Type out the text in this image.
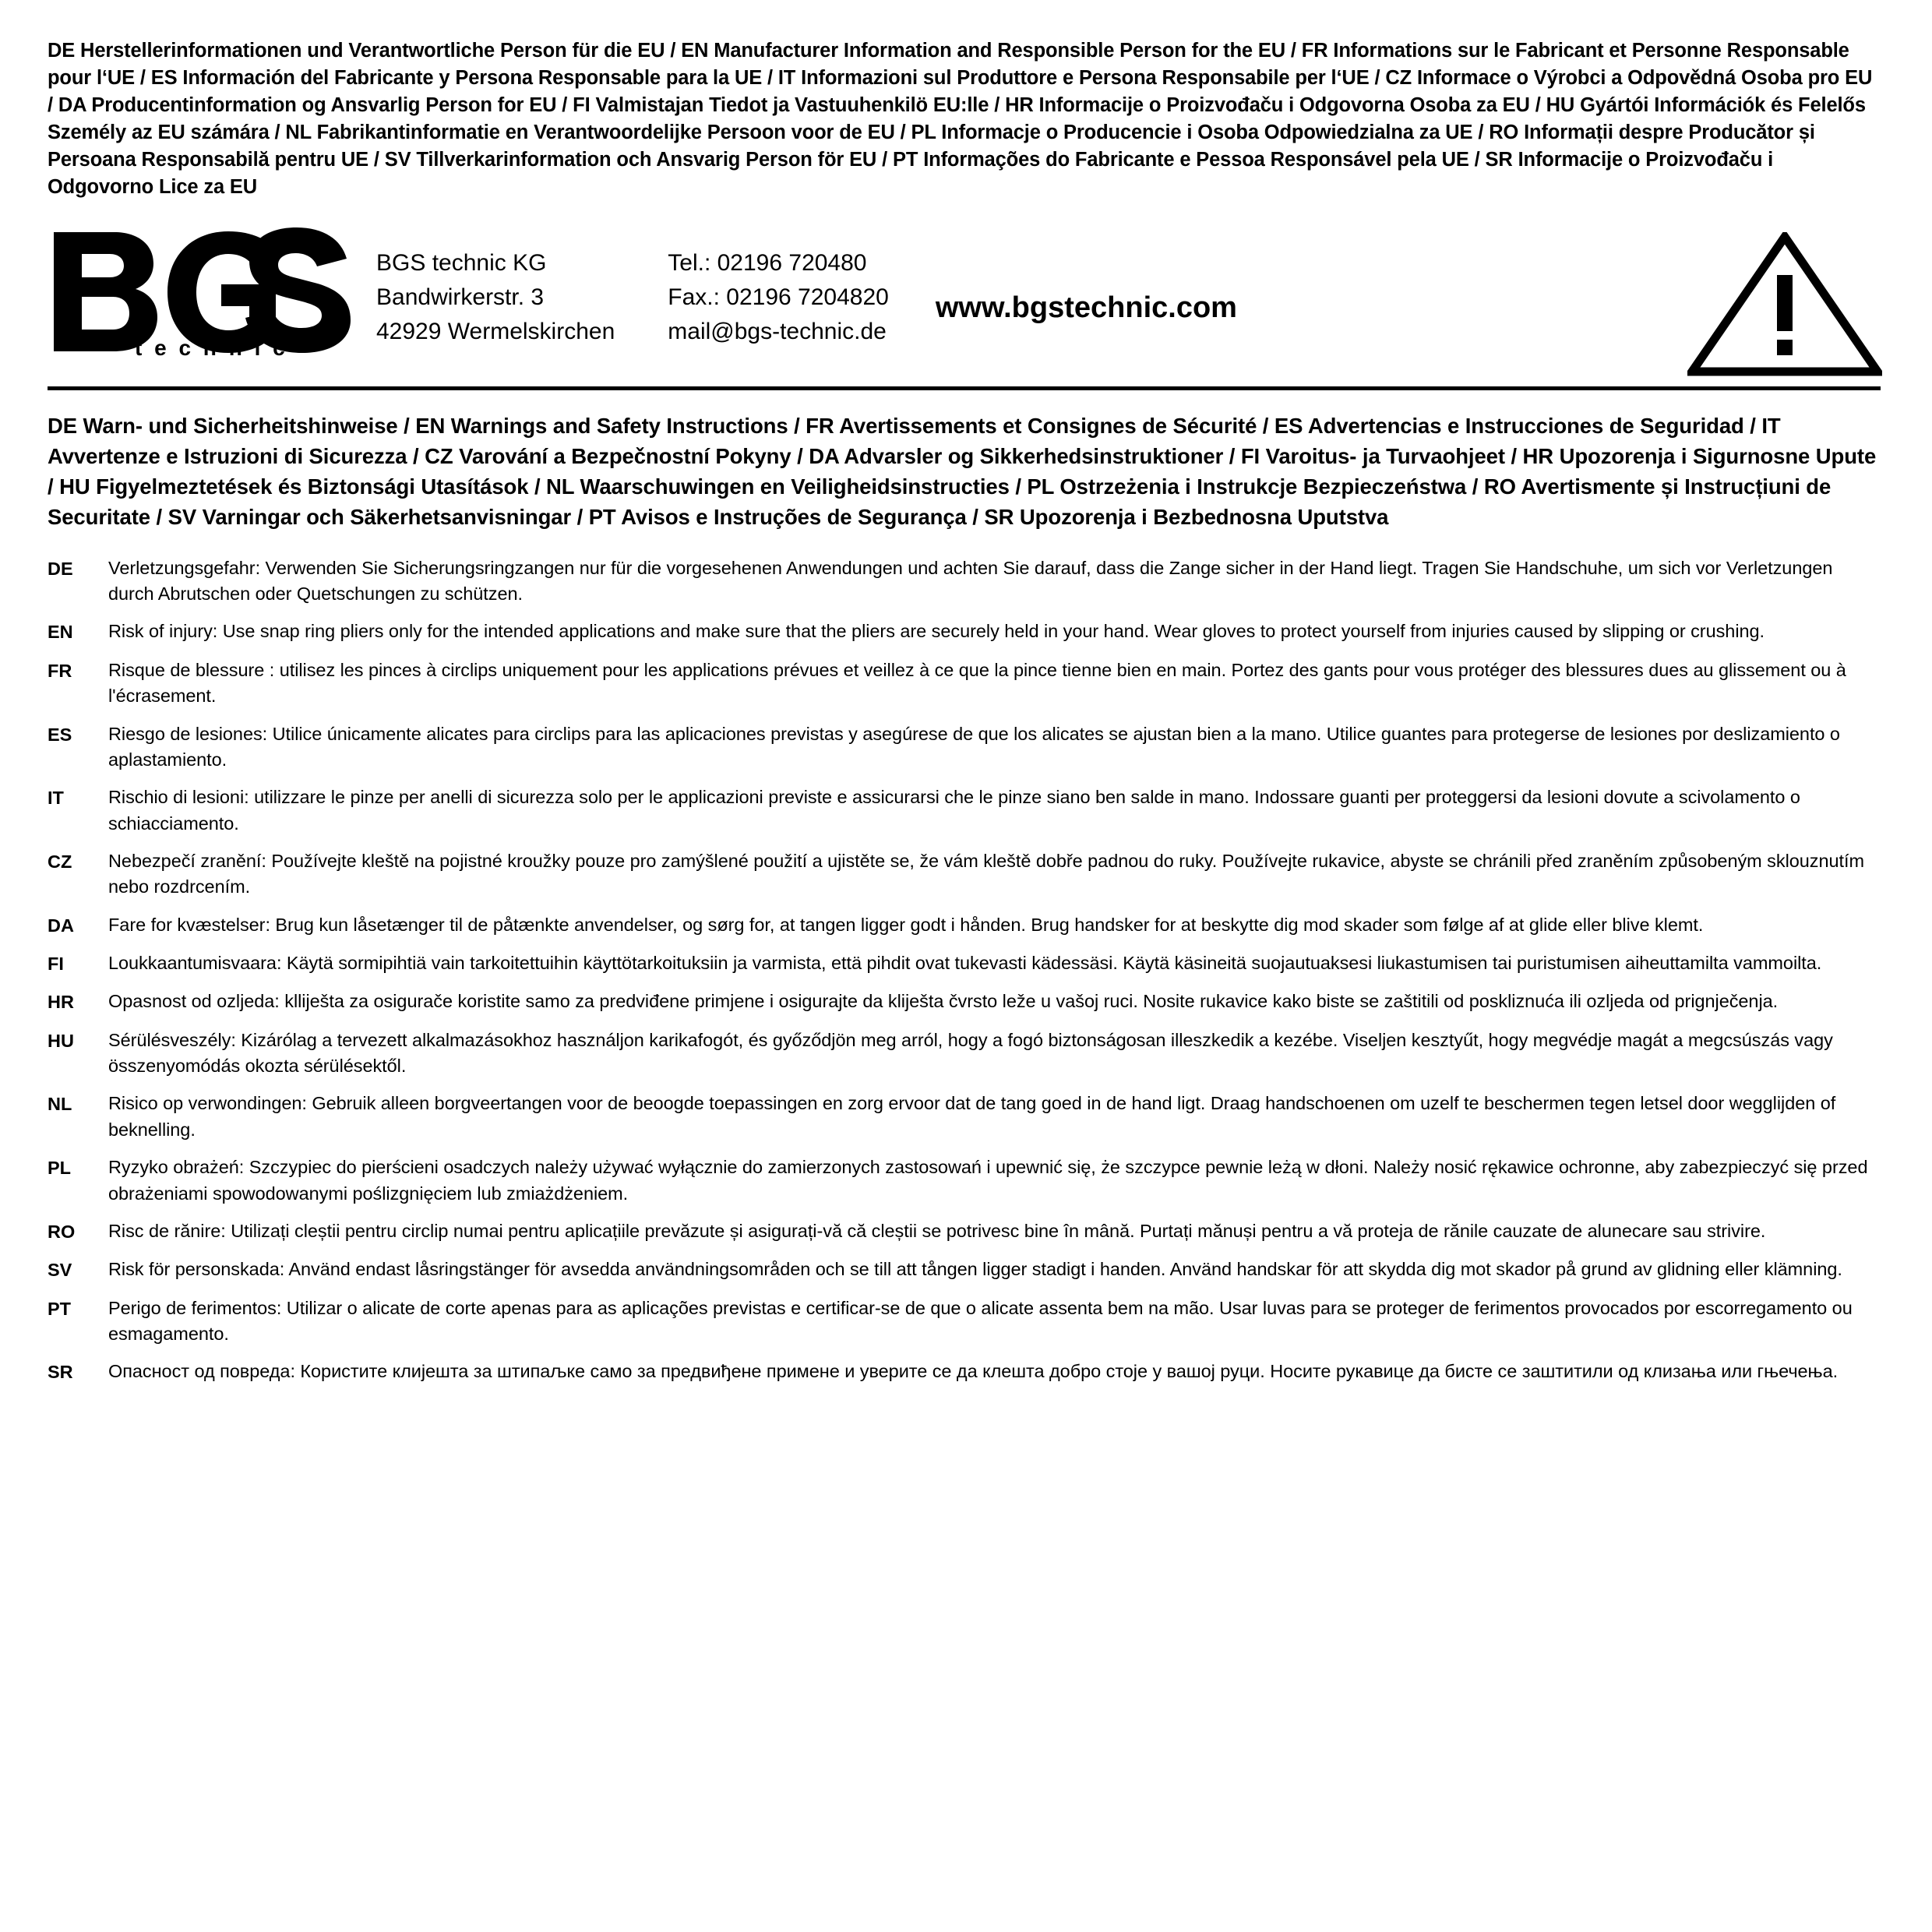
DE Herstellerinformationen und Verantwortliche Person für die EU / EN Manufacturer Information and Responsible Person for the EU / FR Informations sur le Fabricant et Personne Responsable pour l‘UE / ES Información del Fabricante y Persona Responsable para la UE / IT Informazioni sul Produttore e Persona Responsabile per l‘UE / CZ Informace o Výrobci a Odpovědná Osoba pro EU / DA Producentinformation og Ansvarlig Person for EU / FI Valmistajan Tiedot ja Vastuuhenkilö EU:lle / HR Informacije o Proizvođaču i Odgovorna Osoba za EU / HU Gyártói Információk és Felelős Személy az EU számára / NL Fabrikantinformatie en Verantwoordelijke Persoon voor de EU / PL Informacje o Producencie i Osoba Odpowiedzialna za UE / RO Informații despre Producător și Persoana Responsabilă pentru UE / SV Tillverkarinformation och Ansvarig Person för EU / PT Informações do Fabricante e Pessoa Responsável pela UE / SR Informacije o Proizvođaču i Odgovorno Lice za EU
®
t e c h n i c
BGS technic KG
Bandwirkerstr. 3
42929 Wermelskirchen
Tel.: 02196 720480
Fax.: 02196 7204820
mail@bgs-technic.de
www.bgstechnic.com
DE Warn- und Sicherheitshinweise / EN Warnings and Safety Instructions / FR Avertissements et Consignes de Sécurité / ES Advertencias e Instrucciones de Seguridad / IT Avvertenze e Istruzioni di Sicurezza / CZ Varování a Bezpečnostní Pokyny / DA Advarsler og Sikkerhedsinstruktioner / FI Varoitus- ja Turvaohjeet / HR Upozorenja i Sigurnosne Upute / HU Figyelmeztetések és Biztonsági Utasítások / NL Waarschuwingen en Veiligheidsinstructies / PL Ostrzeżenia i Instrukcje Bezpieczeństwa / RO Avertismente și Instrucțiuni de Securitate / SV Varningar och Säkerhetsanvisningar / PT Avisos e Instruções de Segurança / SR Upozorenja i Bezbednosna Uputstva
DE	Verletzungsgefahr: Verwenden Sie Sicherungsringzangen nur für die vorgesehenen Anwendungen und achten Sie darauf, dass die Zange sicher in der Hand liegt. Tragen Sie Handschuhe, um sich vor Verletzungen durch Abrutschen oder Quetschungen zu schützen.
EN	Risk of injury: Use snap ring pliers only for the intended applications and make sure that the pliers are securely held in your hand. Wear gloves to protect yourself from injuries caused by slipping or crushing.
FR	Risque de blessure : utilisez les pinces à circlips uniquement pour les applications prévues et veillez à ce que la pince tienne bien en main. Portez des gants pour vous protéger des blessures dues au glissement ou à l'écrasement.
ES	Riesgo de lesiones: Utilice únicamente alicates para circlips para las aplicaciones previstas y asegúrese de que los alicates se ajustan bien a la mano. Utilice guantes para protegerse de lesiones por deslizamiento o aplastamiento.
IT	Rischio di lesioni: utilizzare le pinze per anelli di sicurezza solo per le applicazioni previste e assicurarsi che le pinze siano ben salde in mano. Indossare guanti per proteggersi da lesioni dovute a scivolamento o schiacciamento.
CZ	Nebezpečí zranění: Používejte kleště na pojistné kroužky pouze pro zamýšlené použití a ujistěte se, že vám kleště dobře padnou do ruky. Používejte rukavice, abyste se chránili před zraněním způsobeným sklouznutím nebo rozdrcením.
DA	Fare for kvæstelser: Brug kun låsetænger til de påtænkte anvendelser, og sørg for, at tangen ligger godt i hånden. Brug handsker for at beskytte dig mod skader som følge af at glide eller blive klemt.
FI	Loukkaantumisvaara: Käytä sormipihtiä vain tarkoitettuihin käyttötarkoituksiin ja varmista, että pihdit ovat tukevasti kädessäsi. Käytä käsineitä suojautuaksesi liukastumisen tai puristumisen aiheuttamilta vammoilta.
HR	Opasnost od ozljeda: klliješta za osigurače koristite samo za predviđene primjene i osigurajte da kliješta čvrsto leže u vašoj ruci. Nosite rukavice kako biste se zaštitili od poskliznuća ili ozljeda od prignječenja.
HU	Sérülésveszély: Kizárólag a tervezett alkalmazásokhoz használjon karikafogót, és győződjön meg arról, hogy a fogó biztonságosan illeszkedik a kezébe. Viseljen kesztyűt, hogy megvédje magát a megcsúszás vagy összenyomódás okozta sérülésektől.
NL	Risico op verwondingen: Gebruik alleen borgveertangen voor de beoogde toepassingen en zorg ervoor dat de tang goed in de hand ligt. Draag handschoenen om uzelf te beschermen tegen letsel door wegglijden of beknelling.
PL	Ryzyko obrażeń: Szczypiec do pierścieni osadczych należy używać wyłącznie do zamierzonych zastosowań i upewnić się, że szczypce pewnie leżą w dłoni. Należy nosić rękawice ochronne, aby zabezpieczyć się przed obrażeniami spowodowanymi poślizgnięciem lub zmiażdżeniem.
RO	Risc de rănire: Utilizați cleștii pentru circlip numai pentru aplicațiile prevăzute și asigurați-vă că cleștii se potrivesc bine în mână. Purtați mănuși pentru a vă proteja de rănile cauzate de alunecare sau strivire.
SV	Risk för personskada: Använd endast låsringstänger för avsedda användningsområden och se till att tången ligger stadigt i handen. Använd handskar för att skydda dig mot skador på grund av glidning eller klämning.
PT	Perigo de ferimentos: Utilizar o alicate de corte apenas para as aplicações previstas e certificar-se de que o alicate assenta bem na mão. Usar luvas para se proteger de ferimentos provocados por escorregamento ou esmagamento.
SR	Опасност од повреда: Користите клијешта за штипаљке само за предвиђене примене и уверите се да клешта добро стоје у вашој руци. Носите рукавице да бисте се заштитили од клизања или гњечења.
